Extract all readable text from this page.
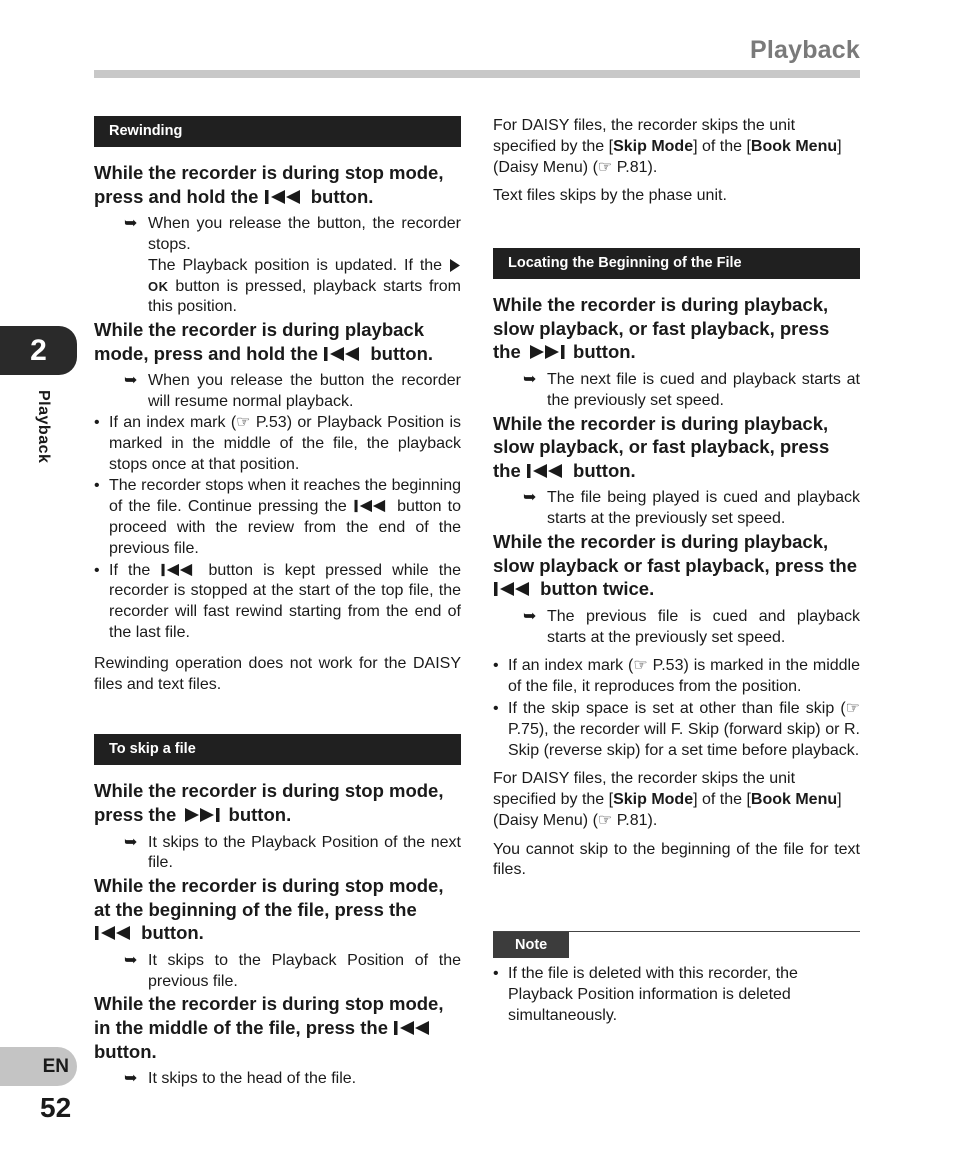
Playback
2
Playback
EN
52
Rewinding
While the recorder is during stop mode, press and hold the	button.
➥ When you release the button, the recorder stops.
The Playback position is updated. If the
OK button is pressed, playback starts from this position.
While the recorder is during playback mode, press and hold the	button.
➥ When you release the button the recorder will resume normal playback.
• If an index mark (☞ P.53) or Playback Position is marked in the middle of the file, the playback stops once at that position.
• The recorder stops when it reaches the beginning of the file. Continue pressing the	button to proceed with the review from the end of the previous file.
• If the	button is kept pressed while the recorder is stopped at the start of the top file, the recorder will fast rewind starting from the end of the last file.

Rewinding operation does not work for the DAISY files and text files.

To skip a file
While the recorder is during stop mode, press the	button.
➥ It skips to the Playback Position of the next file.
While the recorder is during stop mode, at the beginning of the file, press the
button.
➥ It skips to the Playback Position of the previous file.
While the recorder is during stop mode, in the middle of the file, press the
button.
➥ It skips to the head of the file.

For DAISY files, the recorder skips the unit specified by the [Skip Mode] of the [Book Menu] (Daisy Menu) (☞ P.81).

Text files skips by the phase unit.

Locating the Beginning of the File
While the recorder is during playback, slow playback, or fast playback, press the	button.
➥ The next file is cued and playback starts at the previously set speed.
While the recorder is during playback, slow playback, or fast playback, press the	button.
➥ The file being played is cued and playback starts at the previously set speed.
While the recorder is during playback, slow playback or fast playback, press the
button twice.
➥ The previous file is cued and playback starts at the previously set speed.
• If an index mark (☞ P.53) is marked in the middle of the file, it reproduces from the position.
• If the skip space is set at other than file skip (☞ P.75), the recorder will F. Skip (forward skip) or R. Skip (reverse skip) for a set time before playback.

For DAISY files, the recorder skips the unit specified by the [Skip Mode] of the [Book Menu] (Daisy Menu) (☞ P.81).

You cannot skip to the beginning of the file for text files.

Note
• If the file is deleted with this recorder, the Playback Position information is deleted simultaneously.
